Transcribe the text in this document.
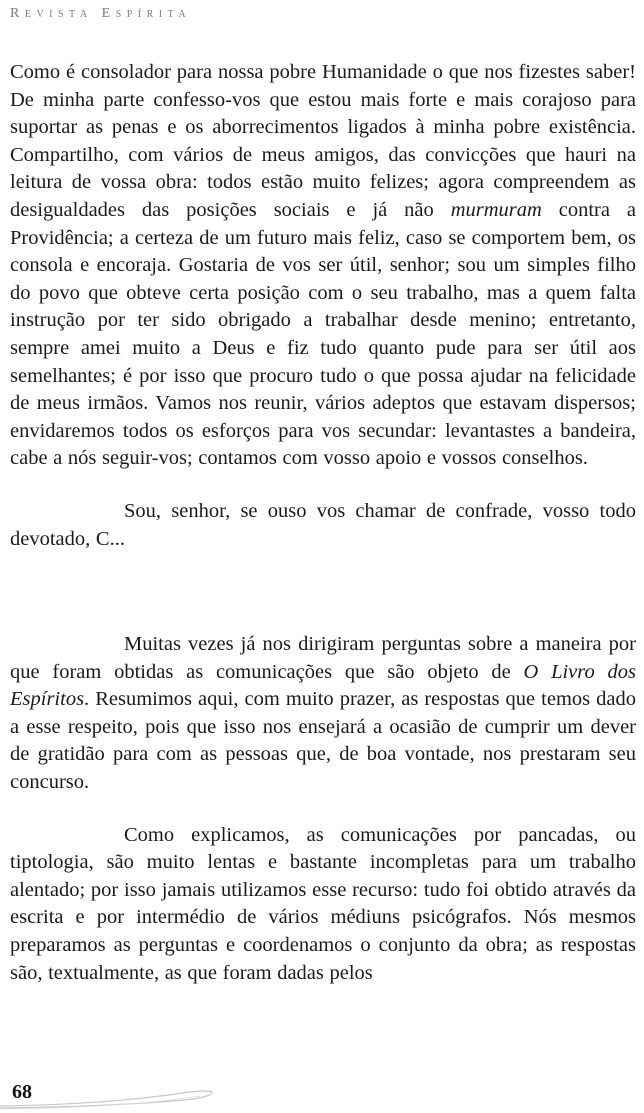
Revista Espírita

Como é consolador para nossa pobre Humanidade o que nos fizestes saber! De minha parte confesso-vos que estou mais forte e mais corajoso para suportar as penas e os aborrecimentos ligados à minha pobre existência. Compartilho, com vários de meus amigos, das convicções que hauri na leitura de vossa obra: todos estão muito felizes; agora compreendem as desigualdades das posições sociais e já não murmuram contra a Providência; a certeza de um futuro mais feliz, caso se comportem bem, os consola e encoraja. Gostaria de vos ser útil, senhor; sou um simples filho do povo que obteve certa posição com o seu trabalho, mas a quem falta instrução por ter sido obrigado a trabalhar desde menino; entretanto, sempre amei muito a Deus e fiz tudo quanto pude para ser útil aos semelhantes; é por isso que procuro tudo o que possa ajudar na felicidade de meus irmãos. Vamos nos reunir, vários adeptos que estavam dispersos; envidaremos todos os esforços para vos secundar: levantastes a bandeira, cabe a nós seguir-vos; contamos com vosso apoio e vossos conselhos.

Sou, senhor, se ouso vos chamar de confrade, vosso todo devotado, C...

Muitas vezes já nos dirigiram perguntas sobre a maneira por que foram obtidas as comunicações que são objeto de O Livro dos Espíritos. Resumimos aqui, com muito prazer, as respostas que temos dado a esse respeito, pois que isso nos ensejará a ocasião de cumprir um dever de gratidão para com as pessoas que, de boa vontade, nos prestaram seu concurso.

Como explicamos, as comunicações por pancadas, ou tiptologia, são muito lentas e bastante incompletas para um trabalho alentado; por isso jamais utilizamos esse recurso: tudo foi obtido através da escrita e por intermédio de vários médiuns psicógrafos. Nós mesmos preparamos as perguntas e coordenamos o conjunto da obra; as respostas são, textualmente, as que foram dadas pelos

68
